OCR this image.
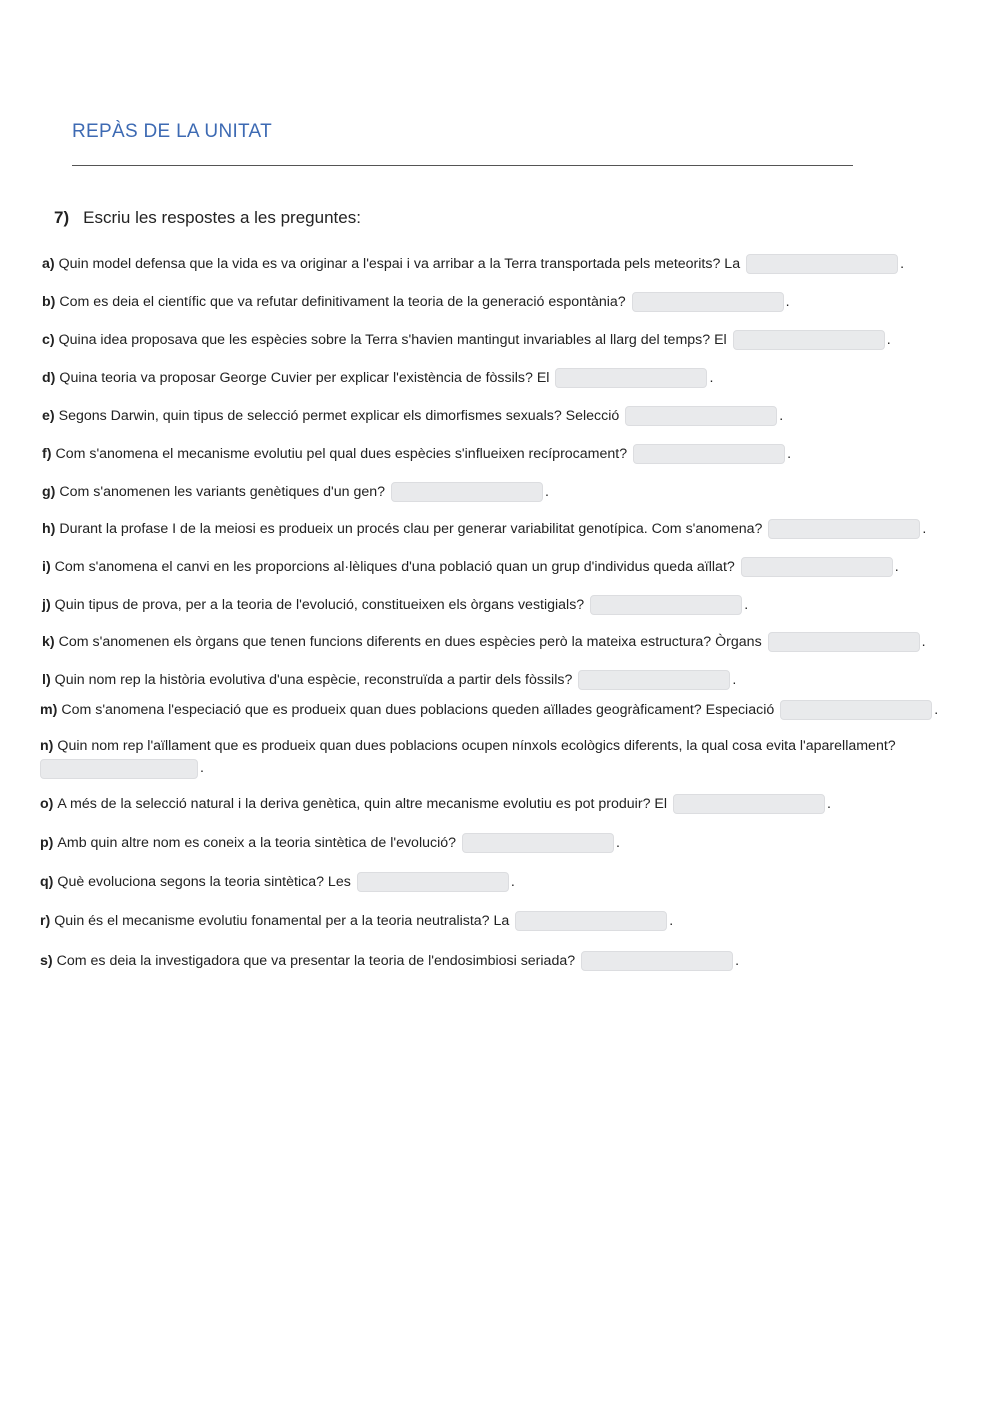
REPÀS DE LA UNITAT
7) Escriu les respostes a les preguntes:
a) Quin model defensa que la vida es va originar a l'espai i va arribar a la Terra transportada pels meteorits? La	.
b) Com es deia el científic que va refutar definitivament la teoria de la generació espontània?	.
c) Quina idea proposava que les espècies sobre la Terra s'havien mantingut invariables al llarg del temps? El	.
d) Quina teoria va proposar George Cuvier per explicar l'existència de fòssils? El	.
e) Segons Darwin, quin tipus de selecció permet explicar els dimorfismes sexuals? Selecció	.
f) Com s'anomena el mecanisme evolutiu pel qual dues espècies s'influeixen recíprocament?	.
g) Com s'anomenen les variants genètiques d'un gen?	.
h) Durant la profase I de la meiosi es produeix un procés clau per generar variabilitat genotípica. Com s'anomena?	.
i) Com s'anomena el canvi en les proporcions al·lèliques d'una població quan un grup d'individus queda aïllat?	.
j) Quin tipus de prova, per a la teoria de l'evolució, constitueixen els òrgans vestigials?	.
k) Com s'anomenen els òrgans que tenen funcions diferents en dues espècies però la mateixa estructura? Òrgans	.
l) Quin nom rep la història evolutiva d'una espècie, reconstruïda a partir dels fòssils?	.
m) Com s'anomena l'especiació que es produeix quan dues poblacions queden aïllades geogràficament? Especiació	.
n) Quin nom rep l'aïllament que es produeix quan dues poblacions ocupen nínxols ecològics diferents, la qual cosa evita l'aparellament?
.
o) A més de la selecció natural i la deriva genètica, quin altre mecanisme evolutiu es pot produir? El	.
p) Amb quin altre nom es coneix a la teoria sintètica de l'evolució?	.
q) Què evoluciona segons la teoria sintètica? Les	.
r) Quin és el mecanisme evolutiu fonamental per a la teoria neutralista? La	.
s) Com es deia la investigadora que va presentar la teoria de l'endosimbiosi seriada?	.
